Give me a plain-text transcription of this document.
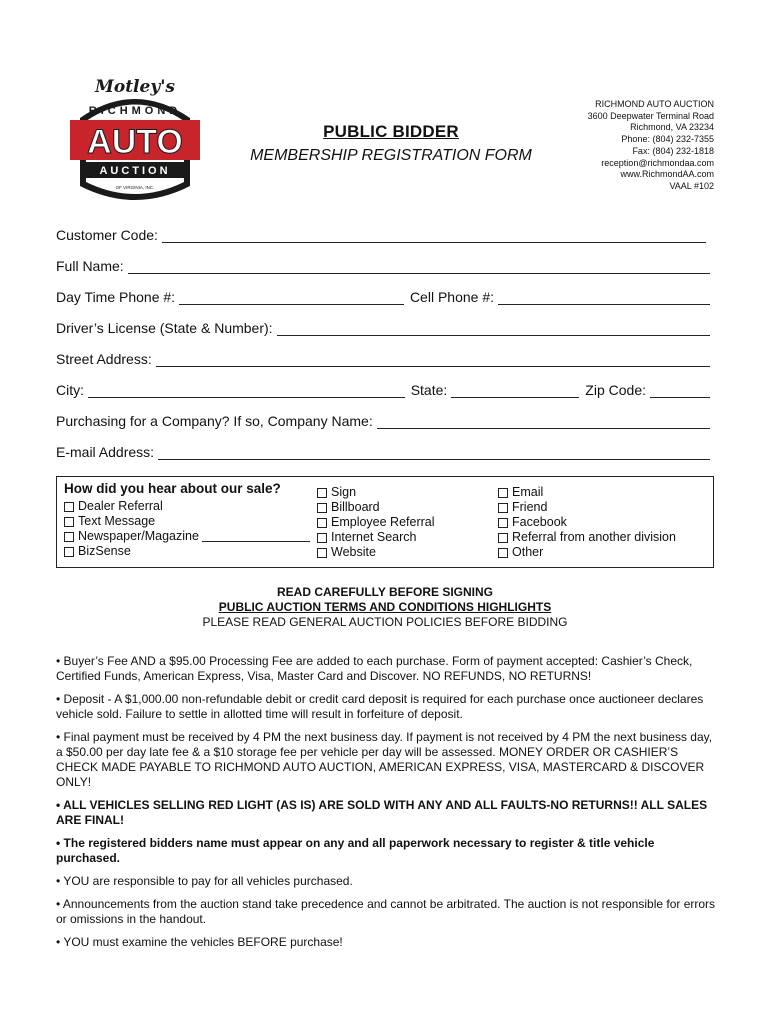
Motley's
RICHMOND
AUTO
AUCTION
OF VIRGINIA, INC.
PUBLIC BIDDER
MEMBERSHIP REGISTRATION FORM
RICHMOND AUTO AUCTION
3600 Deepwater Terminal Road
Richmond, VA 23234
Phone: (804) 232-7355
Fax: (804) 232-1818
reception@richmondaa.com
www.RichmondAA.com
VAAL #102
Customer Code:
Full Name:
Day Time Phone #:	Cell Phone #:
Driver’s License (State & Number):
Street Address:
City:	State:	Zip Code:
Purchasing for a Company? If so, Company Name:
E-mail Address:
How did you hear about our sale?
Dealer Referral
Text Message
Newspaper/Magazine
BizSense
Sign
Billboard
Employee Referral
Internet Search
Website
Email
Friend
Facebook
Referral from another division
Other
READ CAREFULLY BEFORE SIGNING
PUBLIC AUCTION TERMS AND CONDITIONS HIGHLIGHTS
PLEASE READ GENERAL AUCTION POLICIES BEFORE BIDDING

• Buyer’s Fee AND a $95.00 Processing Fee are added to each purchase. Form of payment accepted: Cashier’s Check, Certified Funds, American Express, Visa, Master Card and Discover. NO REFUNDS, NO RETURNS!

• Deposit - A $1,000.00 non-refundable debit or credit card deposit is required for each purchase once auctioneer declares vehicle sold. Failure to settle in allotted time will result in forfeiture of deposit.

• Final payment must be received by 4 PM the next business day. If payment is not received by 4 PM the next business day, a $50.00 per day late fee & a $10 storage fee per vehicle per day will be assessed. MONEY ORDER OR CASHIER’S CHECK MADE PAYABLE TO RICHMOND AUTO AUCTION, AMERICAN EXPRESS, VISA, MASTERCARD & DISCOVER ONLY!

• ALL VEHICLES SELLING RED LIGHT (AS IS) ARE SOLD WITH ANY AND ALL FAULTS-NO RETURNS!! ALL SALES ARE FINAL!

• The registered bidders name must appear on any and all paperwork necessary to register & title vehicle purchased.

• YOU are responsible to pay for all vehicles purchased.

• Announcements from the auction stand take precedence and cannot be arbitrated. The auction is not responsible for errors or omissions in the handout.

• YOU must examine the vehicles BEFORE purchase!
